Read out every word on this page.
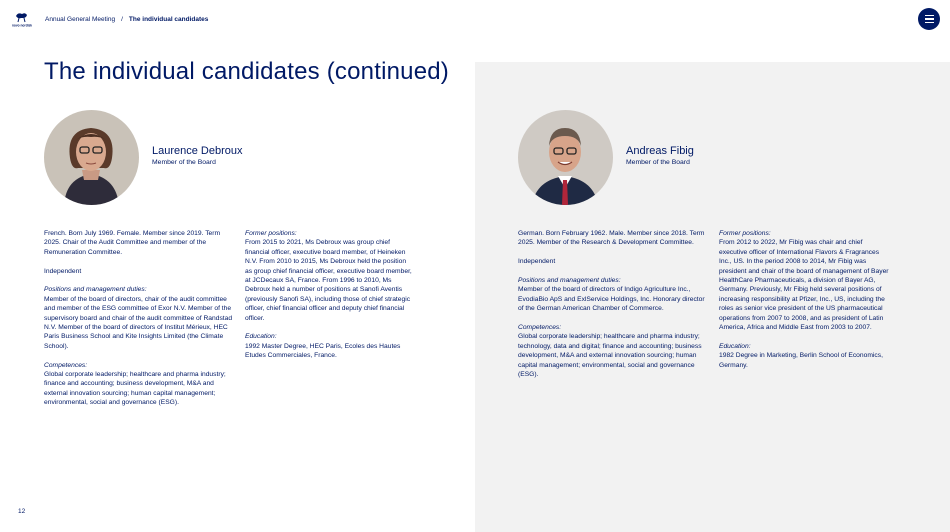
novo nordisk
Annual General Meeting / The individual candidates
The individual candidates (continued)
Laurence Debroux
Member of the Board

French. Born July 1969. Female. Member since 2019. Term 2025. Chair of the Audit Committee and member of the Remuneration Committee.

Independent

Positions and management duties:

Member of the board of directors, chair of the audit committee and member of the ESG committee of Exor N.V. Member of the supervisory board and chair of the audit committee of Randstad N.V. Member of the board of directors of Institut Mérieux, HEC Paris Business School and Kite Insights Limited (the Climate School).

Competences:

Global corporate leadership; healthcare and pharma industry; finance and accounting; business development, M&A and external innovation sourcing; human capital management; environmental, social and governance (ESG).

Former positions:

From 2015 to 2021, Ms Debroux was group chief financial officer, executive board member, of Heineken N.V. From 2010 to 2015, Ms Debroux held the position as group chief financial officer, executive board member, at JCDecaux SA, France. From 1996 to 2010, Ms Debroux held a number of positions at Sanofi Aventis (previously Sanofi SA), including those of chief strategic officer, chief financial officer and deputy chief financial officer.

Education:

1992 Master Degree, HEC Paris, Ecoles des Hautes Etudes Commerciales, France.

Andreas Fibig
Member of the Board

German. Born February 1962. Male. Member since 2018. Term 2025. Member of the Research & Development Committee.

Independent

Positions and management duties:

Member of the board of directors of Indigo Agriculture Inc., EvodiaBio ApS and ExlService Holdings, Inc. Honorary director of the German American Chamber of Commerce.

Competences:

Global corporate leadership; healthcare and pharma industry; technology, data and digital; finance and accounting; business development, M&A and external innovation sourcing; human capital management; environmental, social and governance (ESG).

Former positions:

From 2012 to 2022, Mr Fibig was chair and chief executive officer of International Flavors & Fragrances Inc., US. In the period 2008 to 2014, Mr Fibig was president and chair of the board of management of Bayer HealthCare Pharmaceuticals, a division of Bayer AG, Germany. Previously, Mr Fibig held several positions of increasing responsibility at Pfizer, Inc., US, including the roles as senior vice president of the US pharmaceutical operations from 2007 to 2008, and as president of Latin America, Africa and Middle East from 2003 to 2007.

Education:

1982 Degree in Marketing, Berlin School of Economics, Germany.

12
